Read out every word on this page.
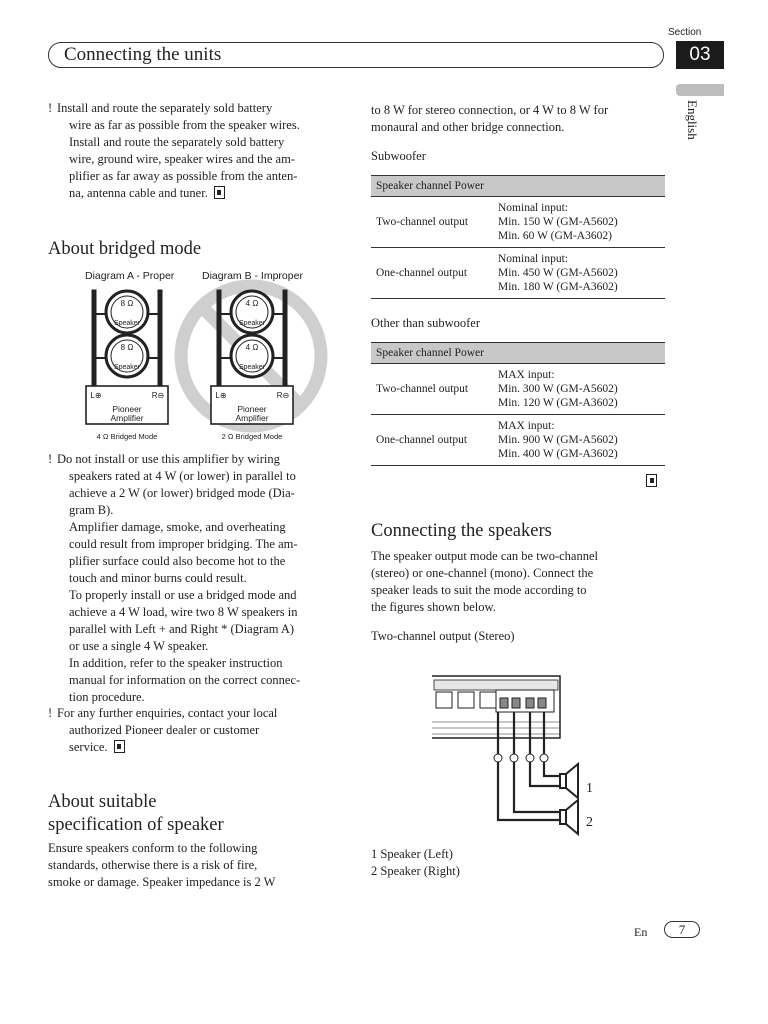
Connecting the units
Section
03
English
! Install and route the separately sold battery
wire as far as possible from the speaker wires.
Install and route the separately sold battery
wire, ground wire, speaker wires and the am-
plifier as far away as possible from the anten-
na, antenna cable and tuner.
About bridged mode
Diagram A - Proper	Diagram B - Improper
8 Ω
Speaker
8 Ω
Speaker
L⊕	R⊖
Pioneer
Amplifier
4 Ω Bridged Mode
4 Ω
Speaker
4 Ω
Speaker
L⊕	R⊖
Pioneer
Amplifier
2 Ω Bridged Mode
! Do not install or use this amplifier by wiring
speakers rated at 4 W (or lower) in parallel to
achieve a 2 W (or lower) bridged mode (Dia-
gram B).
Amplifier damage, smoke, and overheating
could result from improper bridging. The am-
plifier surface could also become hot to the
touch and minor burns could result.
To properly install or use a bridged mode and
achieve a 4 W load, wire two 8 W speakers in
parallel with Left + and Right * (Diagram A)
or use a single 4 W speaker.
In addition, refer to the speaker instruction
manual for information on the correct connec-
tion procedure.
! For any further enquiries, contact your local
authorized Pioneer dealer or customer
service.
About suitable
specification of speaker
Ensure speakers conform to the following
standards, otherwise there is a risk of fire,
smoke or damage. Speaker impedance is 2 W
to 8 W for stereo connection, or 4 W to 8 W for
monaural and other bridge connection.
Subwoofer
Speaker channel Power	
Two-channel output	Nominal input:
Min. 150 W (GM-A5602)
Min. 60 W (GM-A3602)

One-channel output	Nominal input:
Min. 450 W (GM-A5602)
Min. 180 W (GM-A3602)
Other than subwoofer
Speaker channel Power	
Two-channel output	MAX input:
Min. 300 W (GM-A5602)
Min. 120 W (GM-A3602)

One-channel output	MAX input:
Min. 900 W (GM-A5602)
Min. 400 W (GM-A3602)
Connecting the speakers
The speaker output mode can be two-channel
(stereo) or one-channel (mono). Connect the
speaker leads to suit the mode according to
the figures shown below.
Two-channel output (Stereo)
1
2
1 Speaker (Left)
2 Speaker (Right)
En	7
